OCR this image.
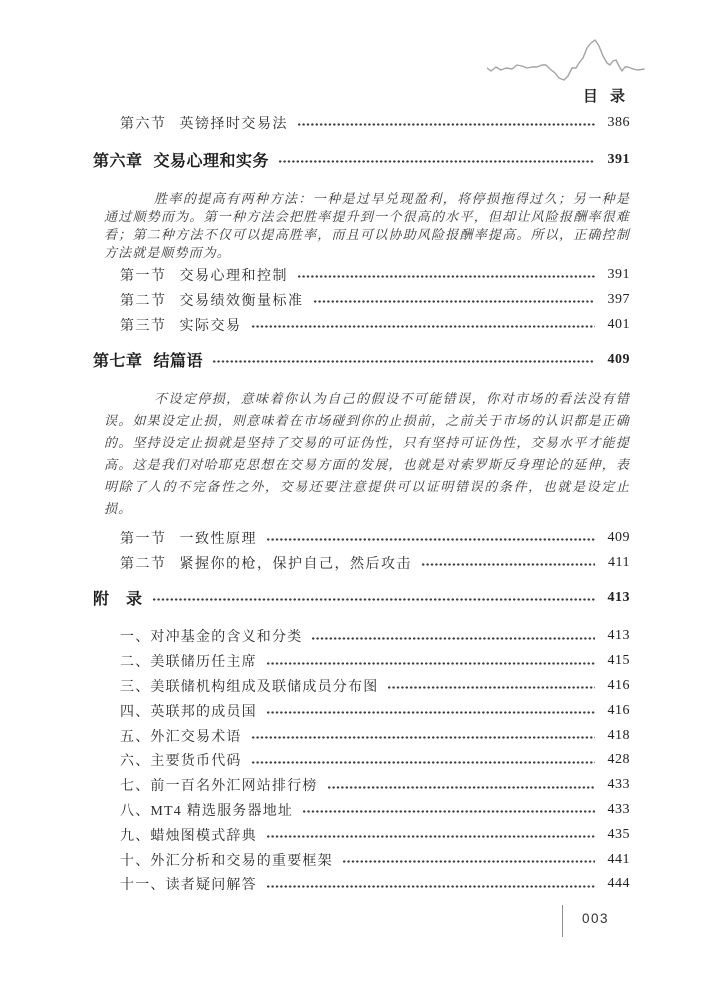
目 录
第六节 英镑择时交易法	386
第六章 交易心理和实务	391

胜率的提高有两种方法：一种是过早兑现盈利，将停损拖得过久；另一种是通过顺势而为。第一种方法会把胜率提升到一个很高的水平，但却让风险报酬率很难看；第二种方法不仅可以提高胜率，而且可以协助风险报酬率提高。所以，正确控制方法就是顺势而为。

第一节 交易心理和控制	391
第二节 交易绩效衡量标准	397
第三节 实际交易	401
第七章 结篇语	409

不设定停损，意味着你认为自己的假设不可能错误，你对市场的看法没有错误。如果设定止损，则意味着在市场碰到你的止损前，之前关于市场的认识都是正确的。坚持设定止损就是坚持了交易的可证伪性，只有坚持可证伪性，交易水平才能提高。这是我们对哈耶克思想在交易方面的发展，也就是对索罗斯反身理论的延伸，表明除了人的不完备性之外，交易还要注意提供可以证明错误的条件，也就是设定止损。

第一节 一致性原理	409
第二节 紧握你的枪，保护自己，然后攻击	411
附　录	413
一、对冲基金的含义和分类	413
二、美联储历任主席	415
三、美联储机构组成及联储成员分布图	416
四、英联邦的成员国	416
五、外汇交易术语	418
六、主要货币代码	428
七、前一百名外汇网站排行榜	433
八、MT4 精选服务器地址	433
九、蜡烛图模式辞典	435
十、外汇分析和交易的重要框架	441
十一、读者疑问解答	444
003
